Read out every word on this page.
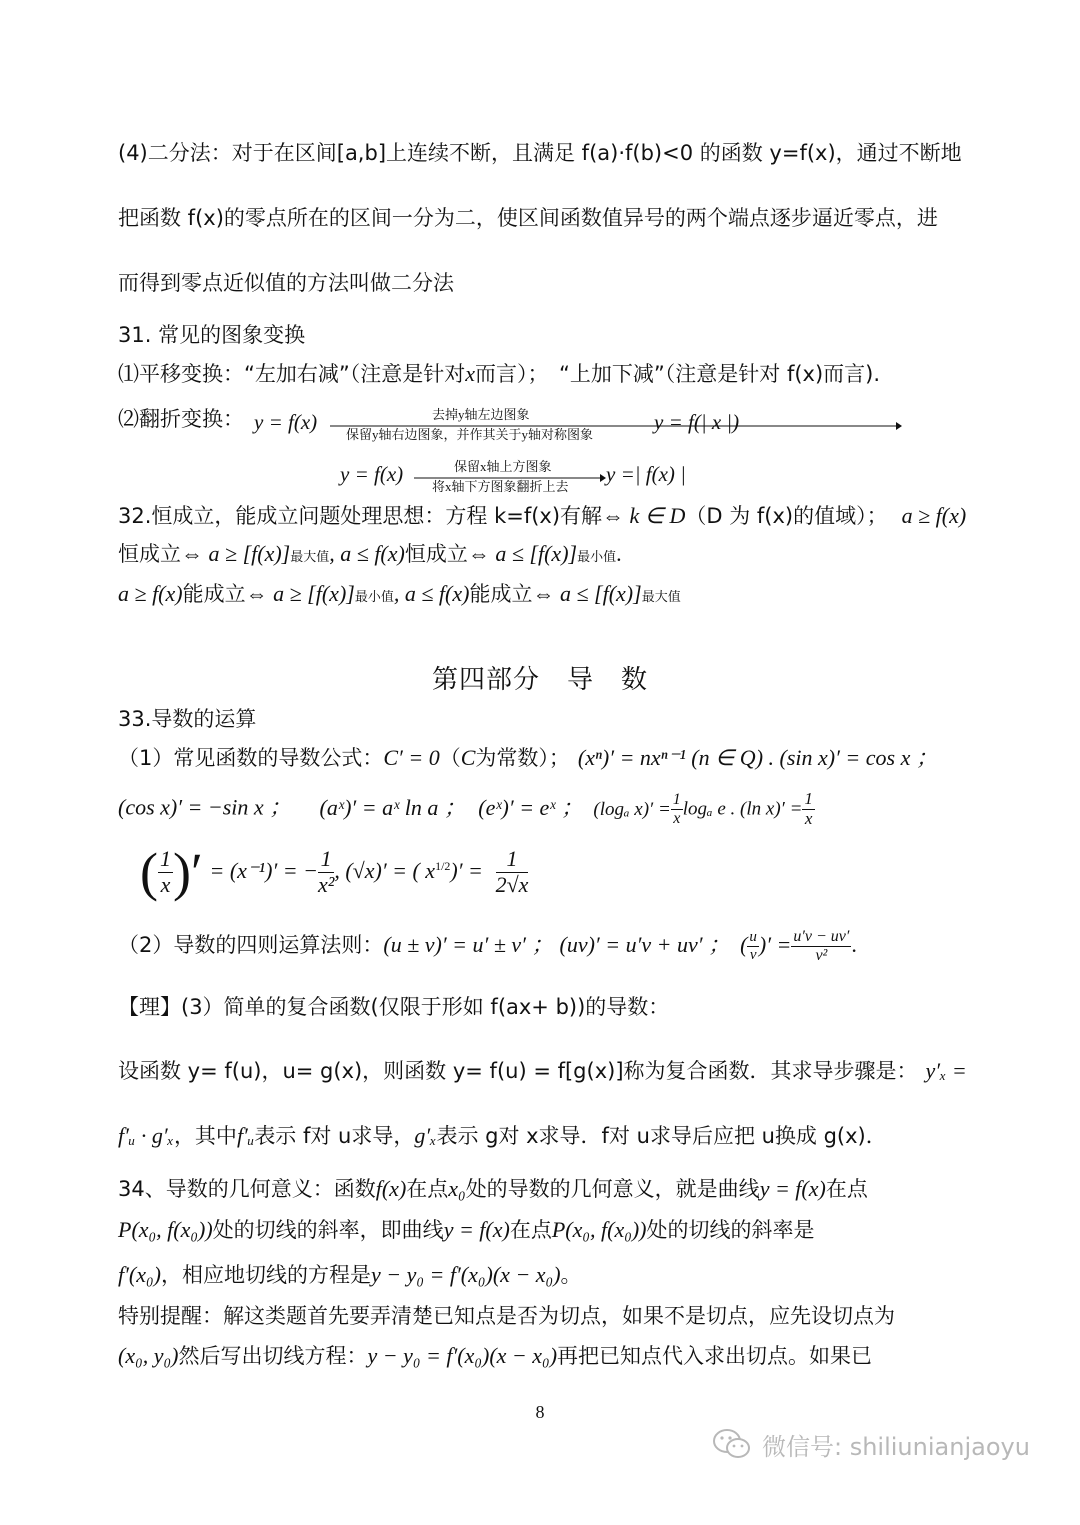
(4)二分法：对于在区间[a,b]上连续不断，且满足 f(a)·f(b)<0 的函数 y=f(x)，通过不断地
把函数 f(x)的零点所在的区间一分为二，使区间函数值异号的两个端点逐步逼近零点，进
而得到零点近似值的方法叫做二分法
31. 常见的图象变换
⑴平移变换：“左加右减”（注意是针对x而言）；　“上加下减”（注意是针对 f(x)而言).
⑵翻折变换： y = f(x)	去掉y轴左边图象
保留y轴右边图象，并作其关于y轴对称图象
y = f(| x |)
y = f(x)	保留x轴上方图象
将x轴下方图象翻折上去
y =| f(x) |
32.恒成立，能成立问题处理思想：方程 k=f(x)有解⇔ k ∈ D（D 为 f(x)的值域）； a ≥ f(x)
恒成立⇔ a ≥ [f(x)]最大值, a ≤ f(x)恒成立⇔ a ≤ [f(x)]最小值.
a ≥ f(x)能成立⇔ a ≥ [f(x)]最小值, a ≤ f(x)能成立⇔ a ≤ [f(x)]最大值
第四部分　导　数
33.导数的运算
（1）常见函数的导数公式：C′ = 0（C为常数）； (xⁿ)′ = nxⁿ⁻¹ (n ∈ Q) . (sin x)′ = cos x ；
(cos x)′ = −sin x ； (aˣ)′ = aˣ ln a ； (eˣ)′ = eˣ ； (logₐ $x)' = \frac{1}{x}$ logₐ e . (ln $x)' = \frac{1}{x}$
( $\frac{1}{x}$ )′ = (x⁻¹)′ = − $\frac{1}{\text{x²}}$ , (√x)′ = ( $x^{1/2})' = \frac{1}{2√x}$
（2）导数的四则运算法则：(u ± v)′ = u′ ± v′ ； (uv)′ = u′v + uv′ ； ( $\frac{u}{v}$ )′ = $\frac{u'v - uv'}{\text{v²}}$ .
【理】(3）简单的复合函数(仅限于形如 f(ax+ b))的导数：
设函数 y= f(u)，u= g(x)，则函数 y= f(u) = f[g(x)]称为复合函数．其求导步骤是： y′ₓ =
f′ᵤ · g′ₓ，其中f′ᵤ表示 f对 u求导，g′ₓ表示 g对 x求导．f对 u求导后应把 u换成 g(x)．
34、导数的几何意义：函数f(x)在点x₀处的导数的几何意义，就是曲线y = f(x)在点
P(x₀, f(x₀))处的切线的斜率，即曲线y = f(x)在点P(x₀, f(x₀))处的切线的斜率是
f′(x₀)，相应地切线的方程是y − y₀ = f′(x₀)(x − x₀)。
特别提醒：解这类题首先要弄清楚已知点是否为切点，如果不是切点，应先设切点为
(x₀, y₀)然后写出切线方程：y − y₀ = f′(x₀)(x − x₀)再把已知点代入求出切点。如果已
8
微信号: shiliunianjaoyu
